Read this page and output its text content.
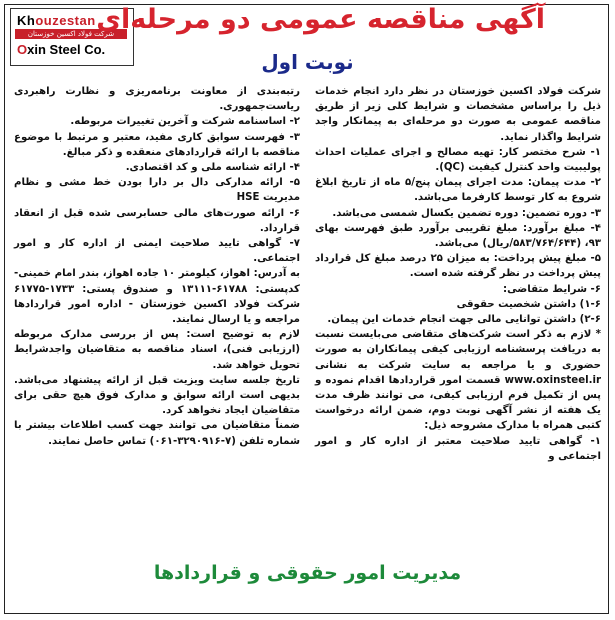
Khouzestan
شرکت فولاد اکسین خوزستان
Oxin Steel Co.
آگهی مناقصه عمومی دو مرحله‌ای
نوبت اول

شرکت فولاد اکسین خوزستان در نظر دارد انجام خدمات ذیل را براساس مشخصات و شرایط کلی زیر از طریق مناقصه عمومی به صورت دو مرحله‌ای به پیمانکار واجد شرایط واگذار نماید.

۱- شرح مختصر کار: تهیه مصالح و اجرای عملیات احداث پولیبیت واحد کنترل کیفیت (QC).

۲- مدت پیمان: مدت اجرای پیمان پنج/۵ ماه از تاریخ ابلاغ شروع به کار توسط کارفرما می‌باشد.

۳- دوره تضمین: دوره تضمین یکسال شمسی می‌باشد.

۴- مبلغ برآورد: مبلغ تقریبی برآورد طبق فهرست بهای ۹۳، (۵۸۳/۷۶۴/۶۴۴/ریال) می‌باشد.

۵- مبلغ پیش پرداخت: به میزان ۲۵ درصد مبلغ کل قرارداد پیش پرداخت در نظر گرفته شده است.

۶- شرایط متقاضی:

۱-۶) داشتن شخصیت حقوقی

۲-۶) داشتن توانایی مالی جهت انجام خدمات این پیمان.

* لازم به ذکر است شرکت‌های متقاضی می‌بایست نسبت به دریافت پرسشنامه ارزیابی کیفی پیمانکاران به صورت حضوری و یا مراجعه به سایت شرکت به نشانی www.oxinsteel.ir قسمت امور قراردادها اقدام نموده و پس از تکمیل فرم ارزیابی کیفی، می توانند ظرف مدت یک هفته از نشر آگهی نوبت دوم، ضمن ارائه درخواست کتبی همراه با مدارک مشروحه ذیل:

۱- گواهی تایید صلاحیت معتبر از اداره کار و امور اجتماعی و

رتبه‌بندی از معاونت برنامه‌ریزی و نظارت راهبردی ریاست‌جمهوری.

۲- اساسنامه شرکت و آخرین تغییرات مربوطه.

۳- فهرست سوابق کاری مفید، معتبر و مرتبط با موضوع مناقصه با ارائه قراردادهای منعقده و ذکر مبالغ.

۴- ارائه شناسه ملی و کد اقتصادی.

۵- ارائه مدارکی دال بر دارا بودن خط مشی و نظام مدیریت HSE

۶- ارائه صورت‌های مالی حسابرسی شده قبل از انعقاد قرارداد.

۷- گواهی تایید صلاحیت ایمنی از اداره کار و امور اجتماعی.

به آدرس: اهواز، کیلومتر ۱۰ جاده اهواز، بندر امام خمینی- کدپستی: ۶۱۷۸۸-۱۳۱۱۱ و صندوق پستی: ۱۷۳۳-۶۱۷۷۵ شرکت فولاد اکسین خوزستان - اداره امور قراردادها مراجعه و یا ارسال نمایند.

لازم به توضیح است: پس از بررسی مدارک مربوطه (ارزیابی فنی)، اسناد مناقصه به متقاضیان واجدشرایط تحویل خواهد شد.

تاریخ جلسه سایت ویزیت قبل از ارائه پیشنهاد می‌باشد. بدیهی است ارائه سوابق و مدارک فوق هیچ حقی برای متقاضیان ایجاد نخواهد کرد.

ضمناً متقاضیان می توانند جهت کسب اطلاعات بیشتر با شماره تلفن (۷-۳۲۹۰۹۱۶-۰۶۱) تماس حاصل نمایند.

مدیریت امور حقوقی و قراردادها
